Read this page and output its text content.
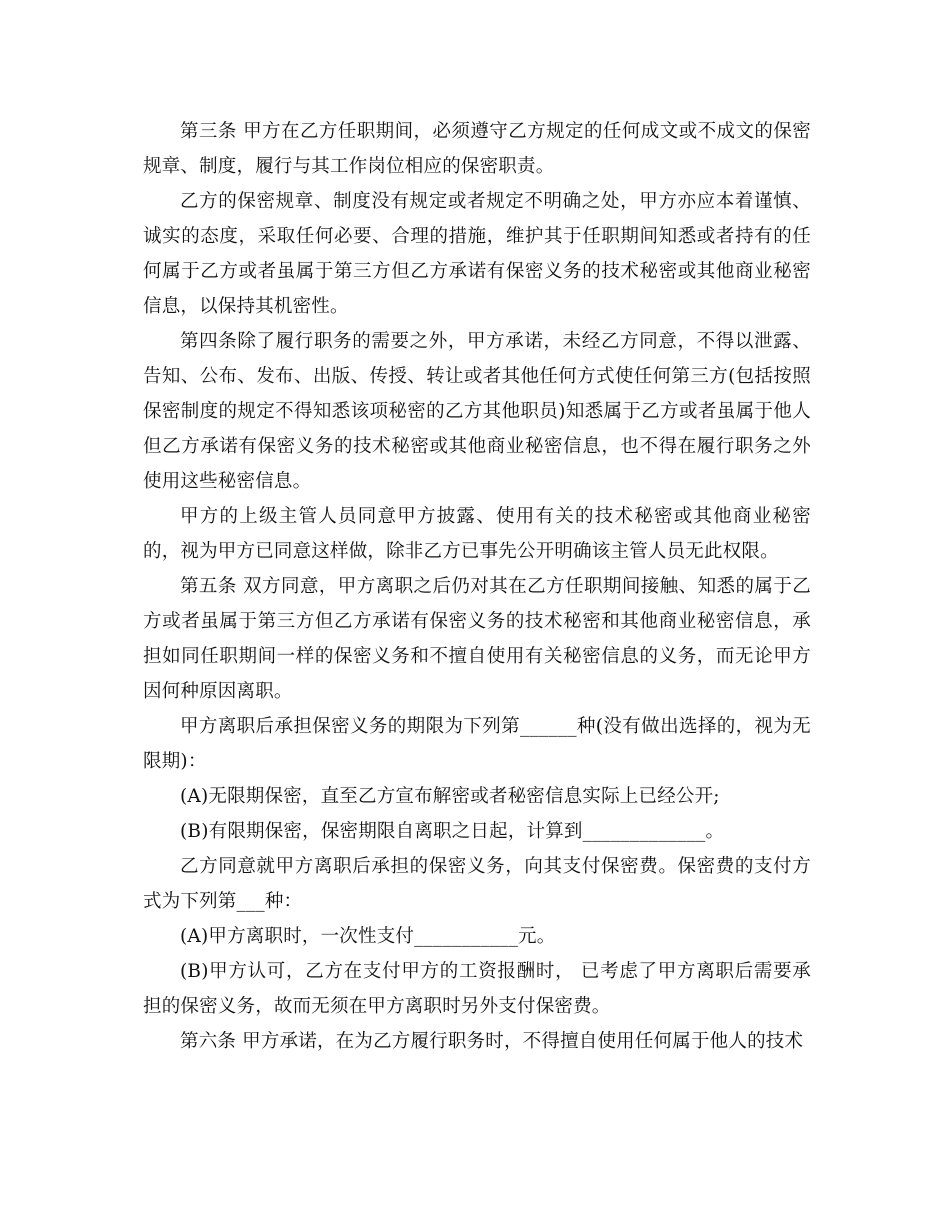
第三条 甲方在乙方任职期间，必须遵守乙方规定的任何成文或不成文的保密规章、制度，履行与其工作岗位相应的保密职责。

乙方的保密规章、制度没有规定或者规定不明确之处，甲方亦应本着谨慎、诚实的态度，采取任何必要、合理的措施，维护其于任职期间知悉或者持有的任何属于乙方或者虽属于第三方但乙方承诺有保密义务的技术秘密或其他商业秘密信息，以保持其机密性。

第四条除了履行职务的需要之外，甲方承诺，未经乙方同意，不得以泄露、告知、公布、发布、出版、传授、转让或者其他任何方式使任何第三方(包括按照保密制度的规定不得知悉该项秘密的乙方其他职员)知悉属于乙方或者虽属于他人但乙方承诺有保密义务的技术秘密或其他商业秘密信息，也不得在履行职务之外使用这些秘密信息。

甲方的上级主管人员同意甲方披露、使用有关的技术秘密或其他商业秘密的，视为甲方已同意这样做，除非乙方已事先公开明确该主管人员无此权限。

第五条 双方同意，甲方离职之后仍对其在乙方任职期间接触、知悉的属于乙方或者虽属于第三方但乙方承诺有保密义务的技术秘密和其他商业秘密信息，承担如同任职期间一样的保密义务和不擅自使用有关秘密信息的义务，而无论甲方因何种原因离职。

甲方离职后承担保密义务的期限为下列第______种(没有做出选择的，视为无限期)：

(A)无限期保密，直至乙方宣布解密或者秘密信息实际上已经公开;

(B)有限期保密，保密期限自离职之日起，计算到_____________。

乙方同意就甲方离职后承担的保密义务，向其支付保密费。保密费的支付方式为下列第___种：

(A)甲方离职时，一次性支付___________元。

(B)甲方认可，乙方在支付甲方的工资报酬时， 已考虑了甲方离职后需要承担的保密义务，故而无须在甲方离职时另外支付保密费。

第六条 甲方承诺，在为乙方履行职务时，不得擅自使用任何属于他人的技术
